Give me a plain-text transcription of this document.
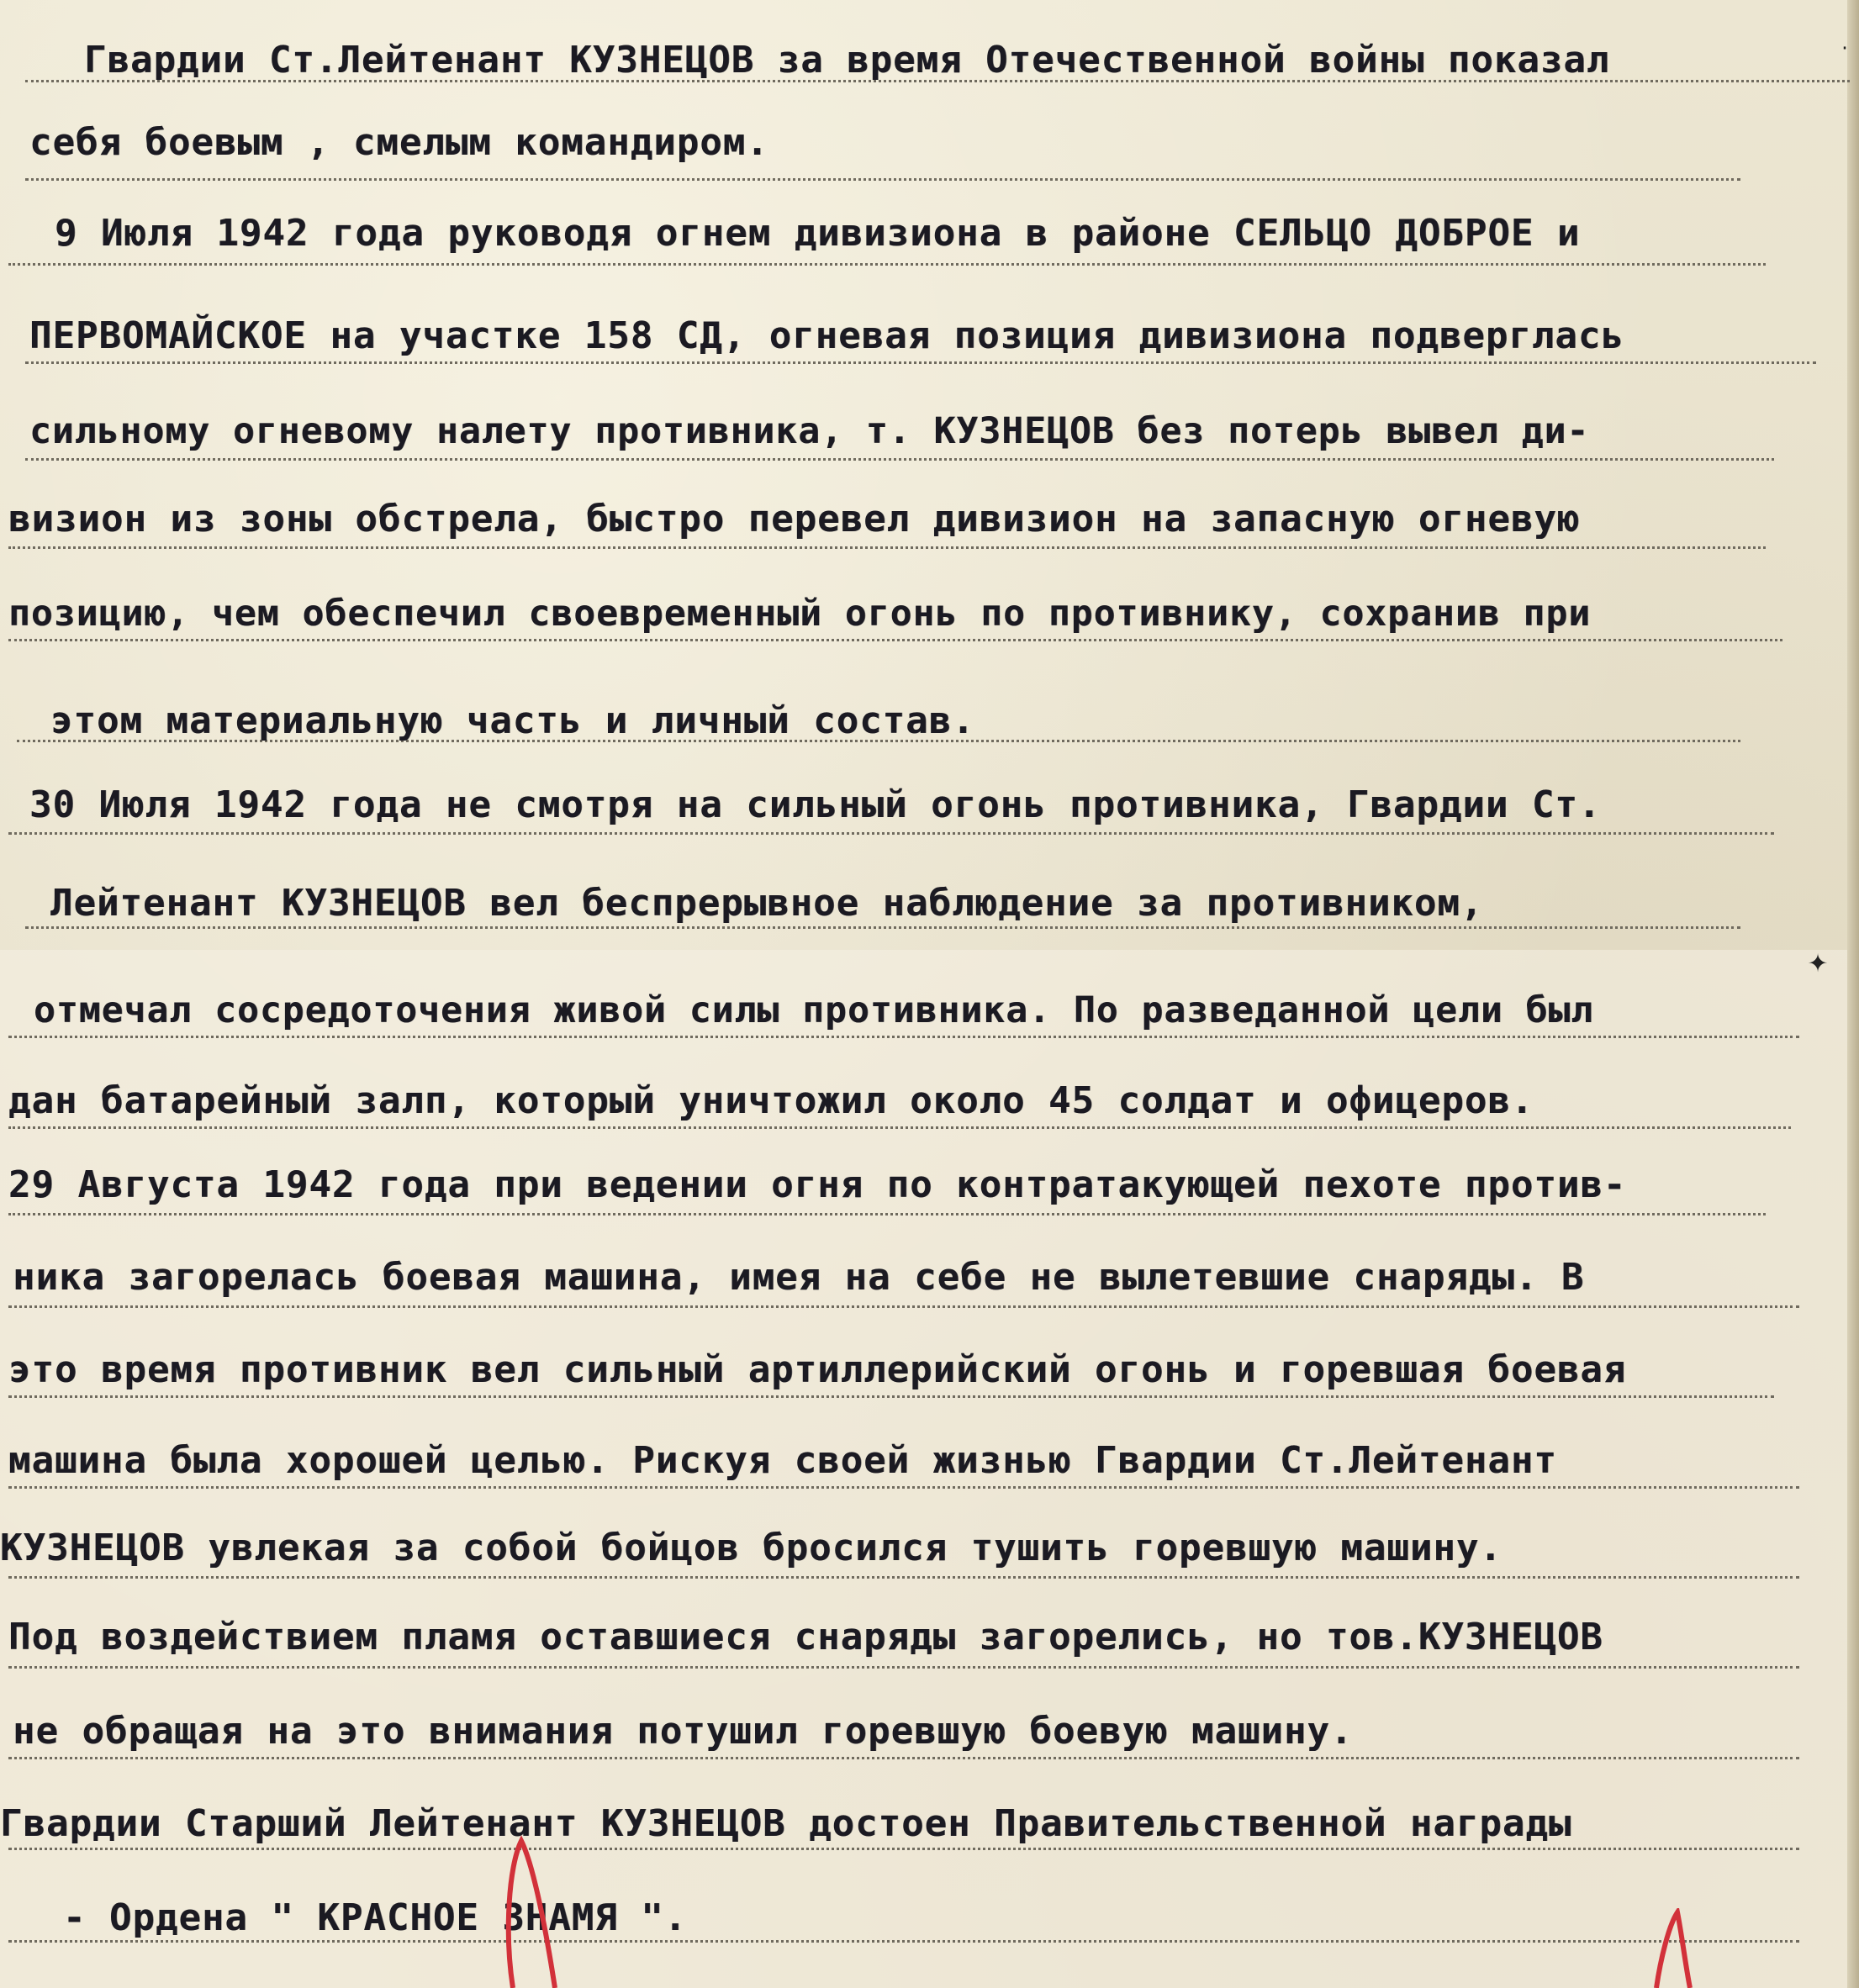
Гвардии Ст.Лейтенант КУЗНЕЦОВ за время Отечественной войны показал
себя боевым , смелым командиром.
9 Июля 1942 года руководя огнем дивизиона в районе СЕЛЬЦО ДОБРОЕ и
ПЕРВОМАЙСКОЕ на участке 158 СД, огневая позиция дивизиона подверглась
сильному огневому налету противника, т. КУЗНЕЦОВ без потерь вывел ди-
визион из зоны обстрела, быстро перевел дивизион на запасную огневую
позицию, чем обеспечил своевременный огонь по противнику, сохранив при
этом материальную часть и личный состав.
30 Июля 1942 года не смотря на сильный огонь противника, Гвардии Ст.
Лейтенант КУЗНЕЦОВ вел беспрерывное наблюдение за противником,
отмечал сосредоточения живой силы противника. По разведанной цели был
дан батарейный залп, который уничтожил около 45 солдат и офицеров.
29 Августа 1942 года при ведении огня по контратакующей пехоте против-
ника загорелась боевая машина, имея на себе не вылетевшие снаряды. В
это время противник вел сильный артиллерийский огонь и горевшая боевая
машина была хорошей целью. Рискуя своей жизнью Гвардии Ст.Лейтенант
КУЗНЕЦОВ увлекая за собой бойцов бросился тушить горевшую машину.
Под воздействием пламя оставшиеся снаряды загорелись, но тов.КУЗНЕЦОВ
не обращая на это внимания потушил горевшую боевую машину.
Гвардии Старший Лейтенант КУЗНЕЦОВ достоен Правительственной награды
- Ордена " КРАСНОЕ ЗНАМЯ ".
✦
·
